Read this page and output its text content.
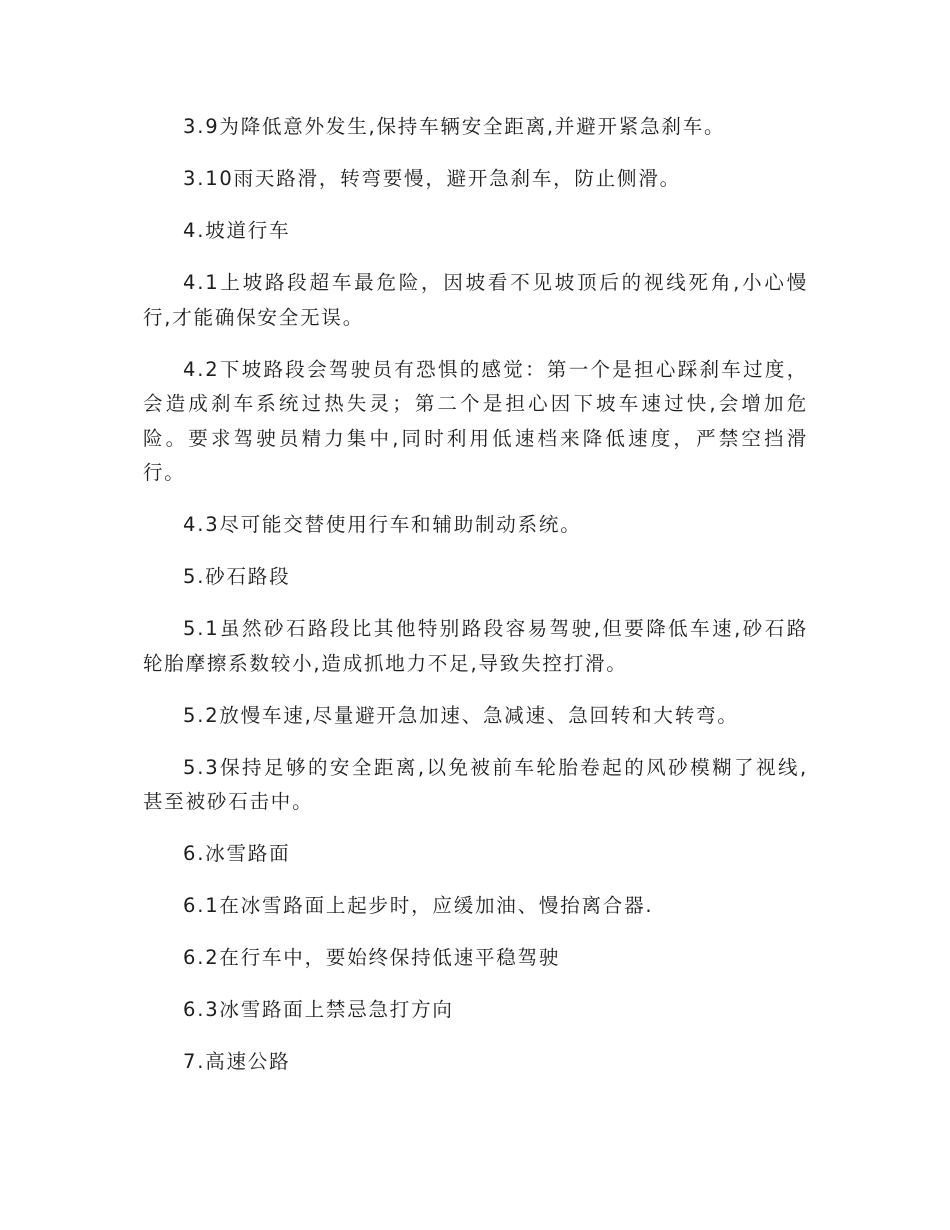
3.9为降低意外发生,保持车辆安全距离,并避开紧急刹车。

3.10雨天路滑，转弯要慢，避开急刹车，防止侧滑。

4.坡道行车

4.1上坡路段超车最危险，因坡看不见坡顶后的视线死角,小心慢行,才能确保安全无误。

4.2下坡路段会驾驶员有恐惧的感觉：第一个是担心踩刹车过度，会造成刹车系统过热失灵；第二个是担心因下坡车速过快,会增加危险。要求驾驶员精力集中,同时利用低速档来降低速度，严禁空挡滑行。

4.3尽可能交替使用行车和辅助制动系统。

5.砂石路段

5.1虽然砂石路段比其他特别路段容易驾驶,但要降低车速,砂石路轮胎摩擦系数较小,造成抓地力不足,导致失控打滑。

5.2放慢车速,尽量避开急加速、急减速、急回转和大转弯。

5.3保持足够的安全距离,以免被前车轮胎卷起的风砂模糊了视线,甚至被砂石击中。

6.冰雪路面

6.1在冰雪路面上起步时，应缓加油、慢抬离合器.

6.2在行车中，要始终保持低速平稳驾驶

6.3冰雪路面上禁忌急打方向

7.高速公路
